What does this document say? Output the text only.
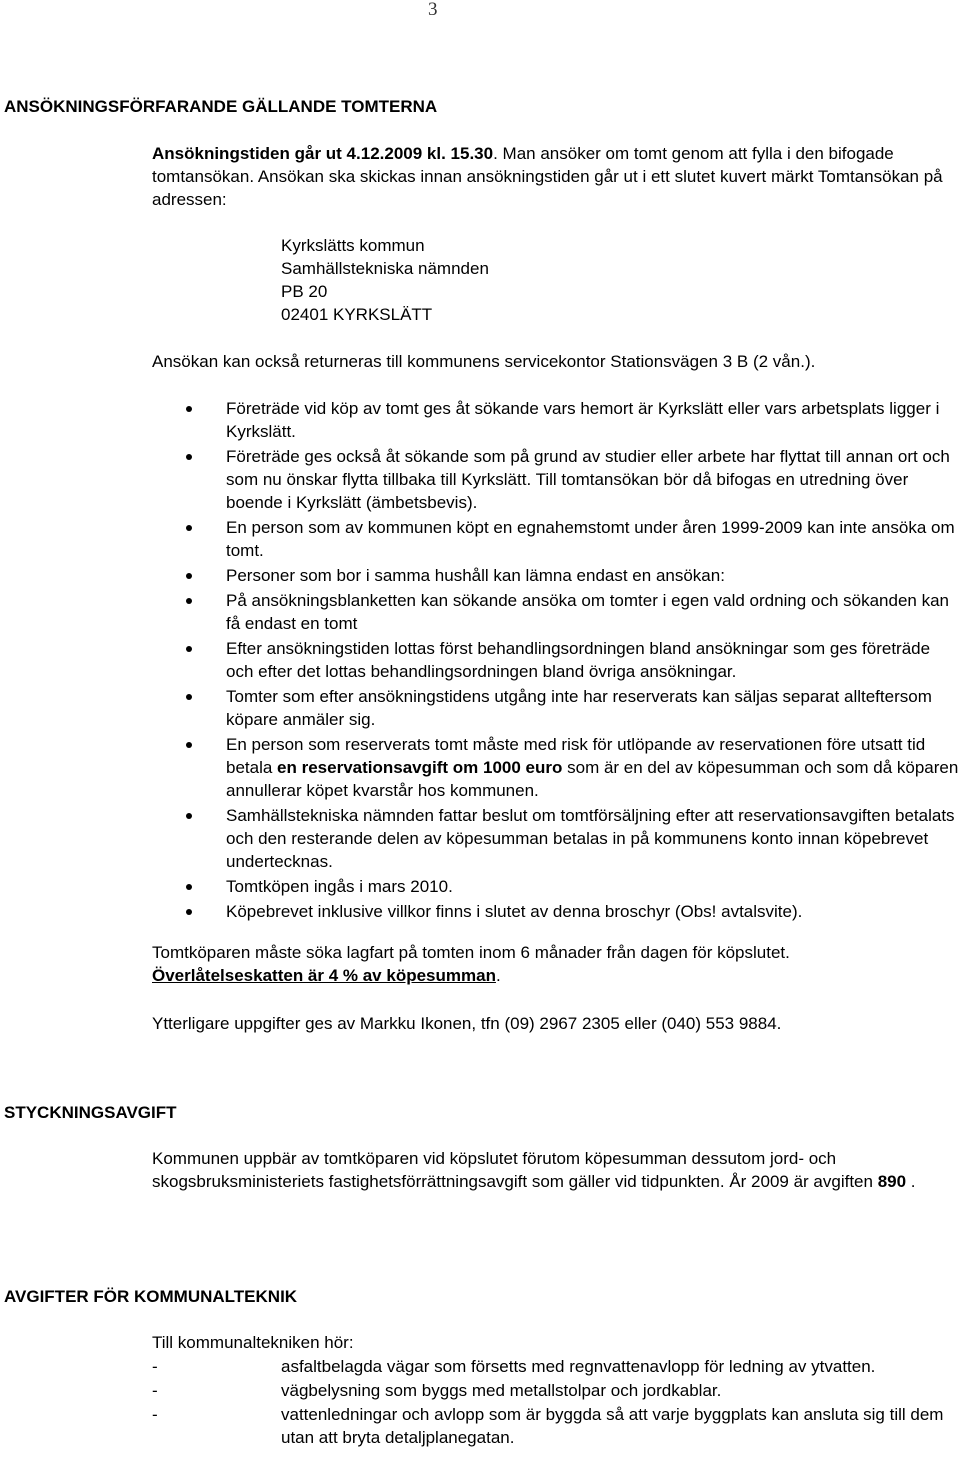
3
ANSÖKNINGSFÖRFARANDE GÄLLANDE TOMTERNA
Ansökningstiden går ut 4.12.2009 kl. 15.30. Man ansöker om tomt genom att fylla i den bifogade tomtansökan. Ansökan ska skickas innan ansökningstiden går ut i ett slutet kuvert märkt Tomtansökan på adressen:
Kyrkslätts kommun
Samhällstekniska nämnden
PB 20
02401 KYRKSLÄTT
Ansökan kan också returneras till kommunens servicekontor Stationsvägen 3 B (2 vån.).
Företräde vid köp av tomt ges åt sökande vars hemort är Kyrkslätt eller vars arbetsplats ligger i Kyrkslätt.
Företräde ges också åt sökande som på grund av studier eller arbete har flyttat till annan ort och som nu önskar flytta tillbaka till Kyrkslätt. Till tomtansökan bör då bifogas en utredning över boende i Kyrkslätt (ämbetsbevis).
En person som av kommunen köpt en egnahemstomt under åren 1999-2009 kan inte ansöka om tomt.
Personer som bor i samma hushåll kan lämna endast en ansökan:
På ansökningsblanketten kan sökande ansöka om tomter i egen vald ordning och sökanden kan få endast en tomt
Efter ansökningstiden lottas först behandlingsordningen bland ansökningar som ges företräde och efter det lottas behandlingsordningen bland övriga ansökningar.
Tomter som efter ansökningstidens utgång inte har reserverats kan säljas separat allteftersom köpare anmäler sig.
En person som reserverats tomt måste med risk för utlöpande av reservationen före utsatt tid betala en reservationsavgift om 1000 euro som är en del av köpesumman och som då köparen annullerar köpet kvarstår hos kommunen.
Samhällstekniska nämnden fattar beslut om tomtförsäljning efter att reservationsavgiften betalats och den resterande delen av köpesumman betalas in på kommunens konto innan köpebrevet undertecknas.
Tomtköpen ingås i mars 2010.
Köpebrevet inklusive villkor finns i slutet av denna broschyr (Obs! avtalsvite).
Tomtköparen måste söka lagfart på tomten inom 6 månader från dagen för köpslutet.
Överlåtelseskatten är 4 % av köpesumman.
Ytterligare uppgifter ges av Markku Ikonen, tfn (09) 2967 2305 eller (040) 553 9884.
STYCKNINGSAVGIFT
Kommunen uppbär av tomtköparen vid köpslutet förutom köpesumman dessutom jord- och skogsbruksministeriets fastighetsförrättningsavgift som gäller vid tidpunkten. År 2009 är avgiften 890 .
AVGIFTER FÖR KOMMUNALTEKNIK
Till kommunaltekniken hör:
-	asfaltbelagda vägar som försetts med regnvattenavlopp för ledning av ytvatten.
-	vägbelysning som byggs med metallstolpar och jordkablar.
-	vattenledningar och avlopp som är byggda så att varje byggplats kan ansluta sig till dem utan att bryta detaljplanegatan.
